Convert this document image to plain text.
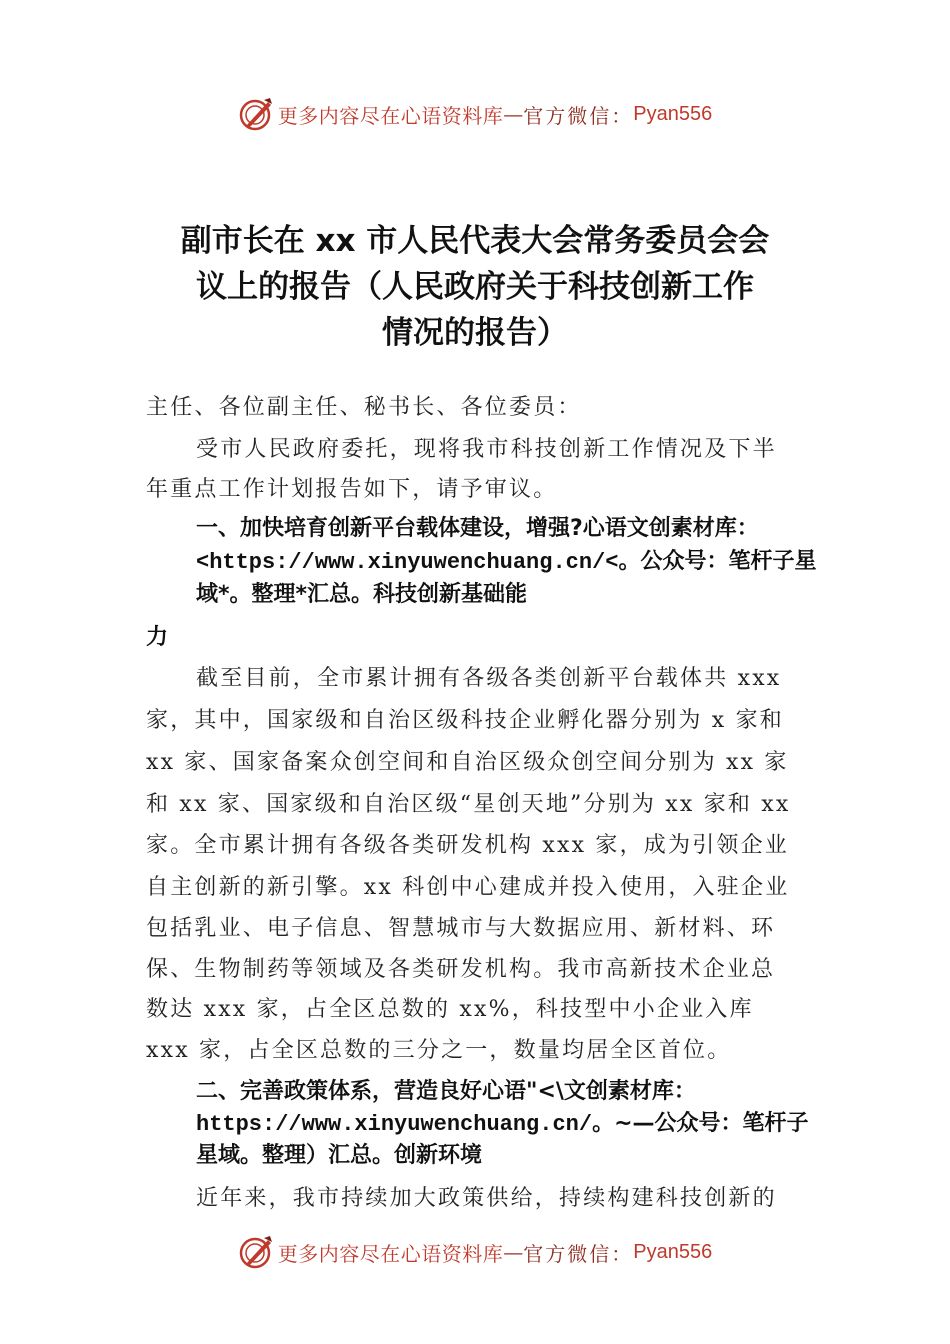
更多内容尽在心语资料库 — 官方微信： Pyan556
副市长在 xx 市人民代表大会常务委员会会
议上的报告（人民政府关于科技创新工作
情况的报告）
主任、各位副主任、秘书长、各位委员：
受市人民政府委托，现将我市科技创新工作情况及下半
年重点工作计划报告如下，请予审议。
一、加快培育创新平台载体建设，增强?心语文创素材库：
<https://www.xinyuwenchuang.cn/<。公众号：笔杆子星
域*。整理*汇总。科技创新基础能
力
截至目前，全市累计拥有各级各类创新平台载体共 xxx
家，其中，国家级和自治区级科技企业孵化器分别为 x 家和
xx 家、国家备案众创空间和自治区级众创空间分别为 xx 家
和 xx 家、国家级和自治区级“星创天地”分别为 xx 家和 xx
家。全市累计拥有各级各类研发机构 xxx 家，成为引领企业
自主创新的新引擎。xx 科创中心建成并投入使用，入驻企业
包括乳业、电子信息、智慧城市与大数据应用、新材料、环
保、生物制药等领域及各类研发机构。我市高新技术企业总
数达 xxx 家，占全区总数的 xx%，科技型中小企业入库
xxx 家，占全区总数的三分之一，数量均居全区首位。
二、完善政策体系，营造良好心语"<\文创素材库：
https://www.xinyuwenchuang.cn/。~—公众号：笔杆子
星域。整理）汇总。创新环境
近年来，我市持续加大政策供给，持续构建科技创新的
更多内容尽在心语资料库 — 官方微信： Pyan556
